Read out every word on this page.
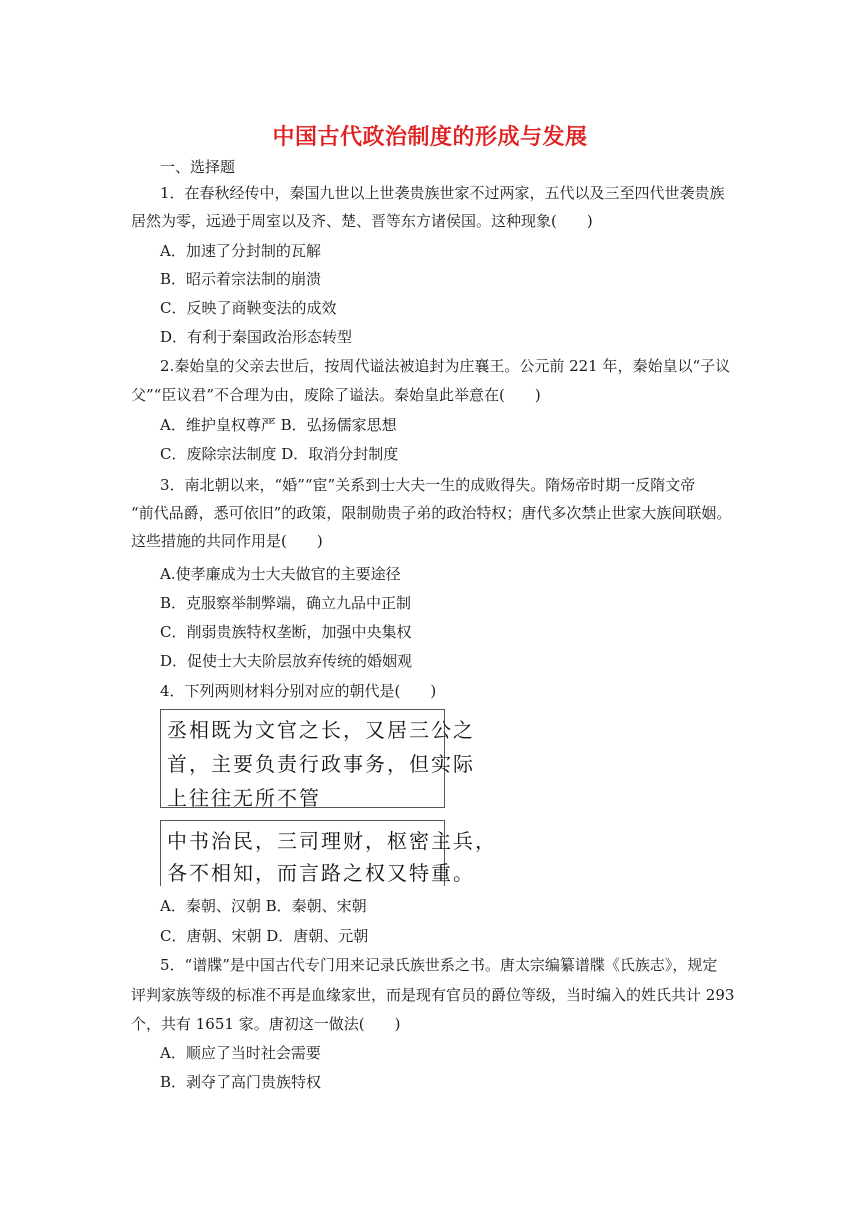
中国古代政治制度的形成与发展
一、选择题
1．在春秋经传中，秦国九世以上世袭贵族世家不过两家，五代以及三至四代世袭贵族
居然为零，远逊于周室以及齐、楚、晋等东方诸侯国。这种现象(　　)
A．加速了分封制的瓦解
B．昭示着宗法制的崩溃
C．反映了商鞅变法的成效
D．有利于秦国政治形态转型
2.秦始皇的父亲去世后，按周代谥法被追封为庄襄王。公元前 221 年，秦始皇以“子议
父”“臣议君”不合理为由，废除了谥法。秦始皇此举意在(　　)
A．维护皇权尊严 B．弘扬儒家思想
C．废除宗法制度 D．取消分封制度
3．南北朝以来，“婚”“宦”关系到士大夫一生的成败得失。隋炀帝时期一反隋文帝
“前代品爵，悉可依旧”的政策，限制勋贵子弟的政治特权；唐代多次禁止世家大族间联姻。
这些措施的共同作用是(　　)
A.使孝廉成为士大夫做官的主要途径
B．克服察举制弊端，确立九品中正制
C．削弱贵族特权垄断，加强中央集权
D．促使士大夫阶层放弃传统的婚姻观
4．下列两则材料分别对应的朝代是(　　)
丞相既为文官之长，又居三公之
首，主要负责行政事务，但实际
上往往无所不管
中书治民，三司理财，枢密主兵，
各不相知，而言路之权又特重。
A．秦朝、汉朝 B．秦朝、宋朝
C．唐朝、宋朝 D．唐朝、元朝
5．“谱牒”是中国古代专门用来记录氏族世系之书。唐太宗编纂谱牒《氏族志》，规定
评判家族等级的标准不再是血缘家世，而是现有官员的爵位等级，当时编入的姓氏共计 293
个，共有 1651 家。唐初这一做法(　　)
A．顺应了当时社会需要
B．剥夺了高门贵族特权
